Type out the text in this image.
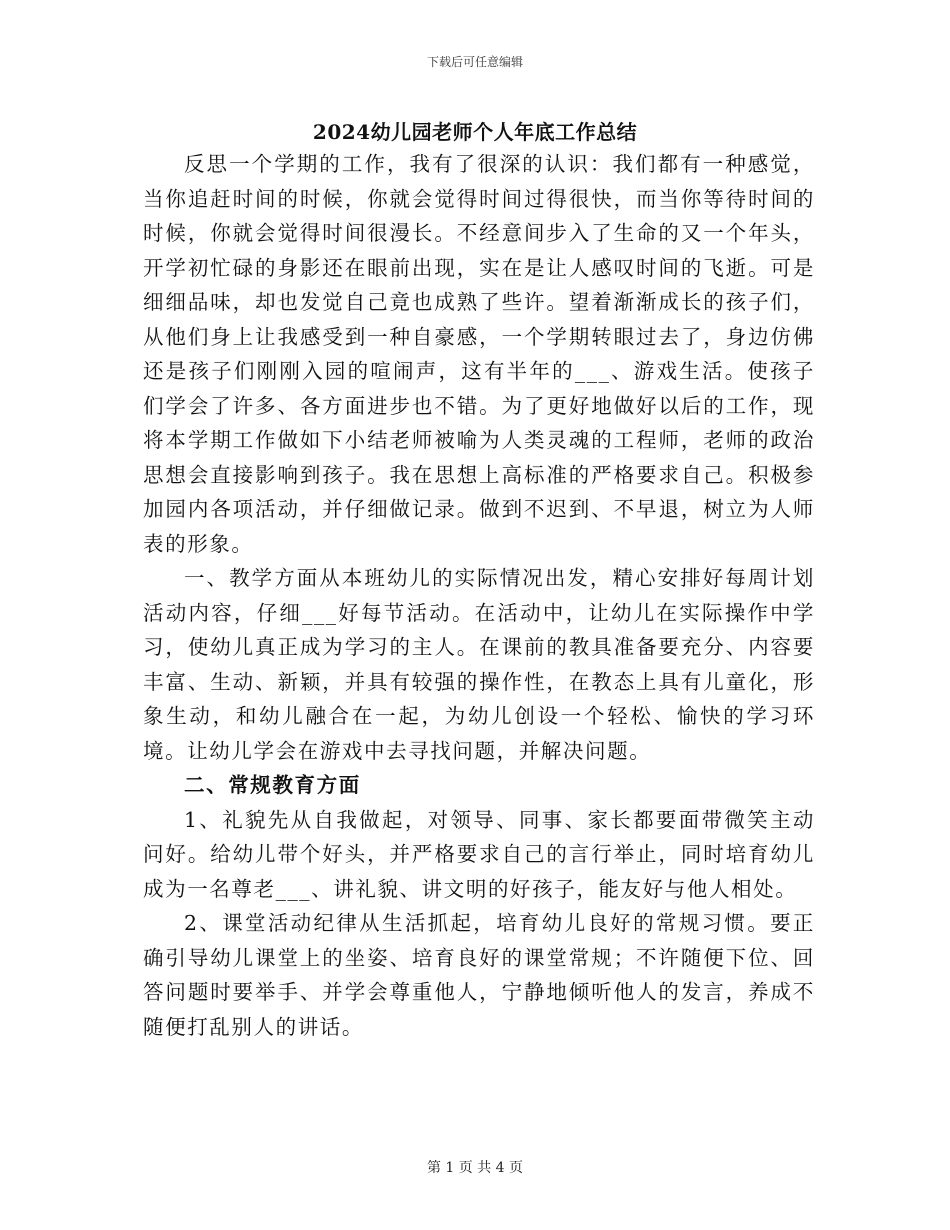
下载后可任意编辑
2024幼儿园老师个人年底工作总结

反思一个学期的工作，我有了很深的认识：我们都有一种感觉，当你追赶时间的时候，你就会觉得时间过得很快，而当你等待时间的时候，你就会觉得时间很漫长。不经意间步入了生命的又一个年头，开学初忙碌的身影还在眼前出现，实在是让人感叹时间的飞逝。可是细细品味，却也发觉自己竟也成熟了些许。望着渐渐成长的孩子们，从他们身上让我感受到一种自豪感，一个学期转眼过去了，身边仿佛还是孩子们刚刚入园的喧闹声，这有半年的___、游戏生活。使孩子们学会了许多、各方面进步也不错。为了更好地做好以后的工作，现将本学期工作做如下小结老师被喻为人类灵魂的工程师，老师的政治思想会直接影响到孩子。我在思想上高标准的严格要求自己。积极参加园内各项活动，并仔细做记录。做到不迟到、不早退，树立为人师表的形象。

一、教学方面从本班幼儿的实际情况出发，精心安排好每周计划活动内容，仔细___好每节活动。在活动中，让幼儿在实际操作中学习，使幼儿真正成为学习的主人。在课前的教具准备要充分、内容要丰富、生动、新颖，并具有较强的操作性，在教态上具有儿童化，形象生动，和幼儿融合在一起，为幼儿创设一个轻松、愉快的学习环境。让幼儿学会在游戏中去寻找问题，并解决问题。

二、常规教育方面

1、礼貌先从自我做起，对领导、同事、家长都要面带微笑主动问好。给幼儿带个好头，并严格要求自己的言行举止，同时培育幼儿成为一名尊老___、讲礼貌、讲文明的好孩子，能友好与他人相处。

2、课堂活动纪律从生活抓起，培育幼儿良好的常规习惯。要正确引导幼儿课堂上的坐姿、培育良好的课堂常规；不许随便下位、回答问题时要举手、并学会尊重他人，宁静地倾听他人的发言，养成不随便打乱别人的讲话。

第 1 页 共 4 页
